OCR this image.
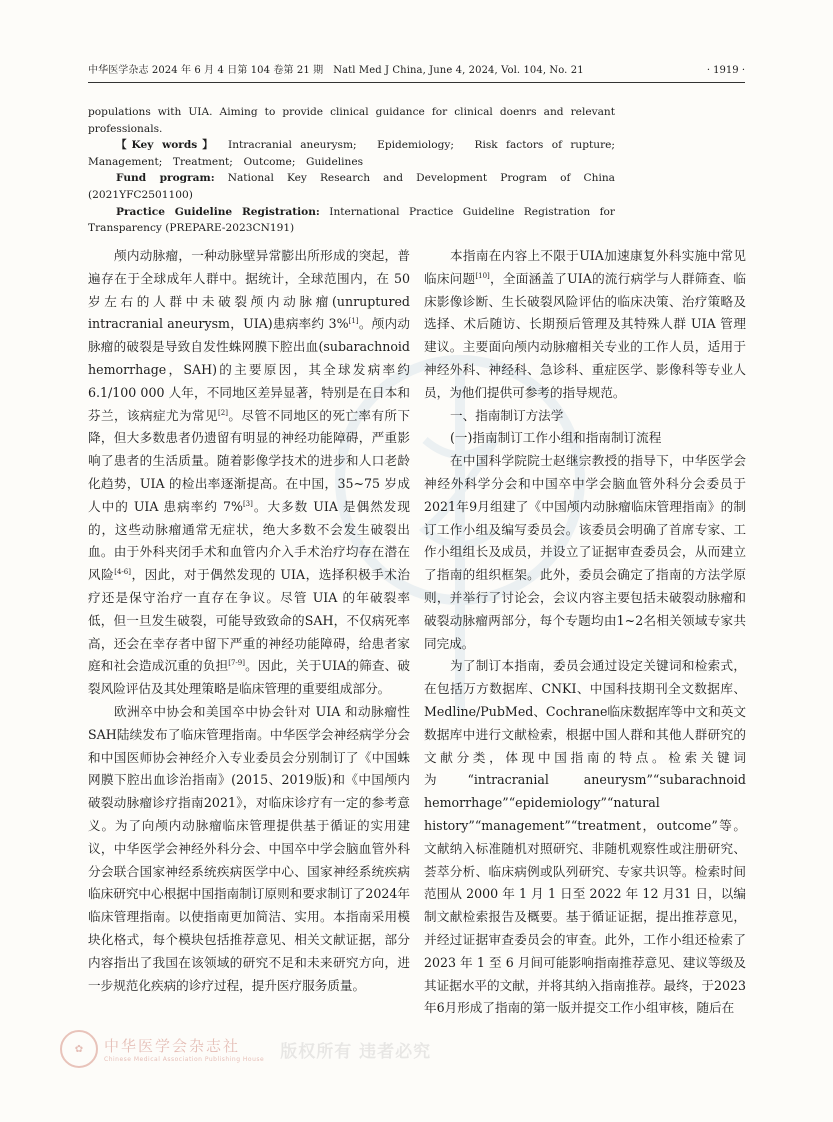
中华医学杂志 2024 年 6 月 4 日第 104 卷第 21 期　Natl Med J China, June 4, 2024, Vol. 104, No. 21	· 1919 ·

populations with UIA. Aiming to provide clinical guidance for clinical doenrs and relevant professionals.

【Key words】　Intracranial aneurysm;　Epidemiology;　Risk factors of rupture; Management;　Treatment;　Outcome;　Guidelines

Fund program: National Key Research and Development Program of China (2021YFC2501100)

Practice Guideline Registration: International Practice Guideline Registration for Transparency (PREPARE-2023CN191)

颅内动脉瘤，一种动脉壁异常膨出所形成的突起，普遍存在于全球成年人群中。据统计，全球范围内，在 50 岁左右的人群中未破裂颅内动脉瘤(unruptured intracranial aneurysm，UIA)患病率约 3%[1]。颅内动脉瘤的破裂是导致自发性蛛网膜下腔出血(subarachnoid hemorrhage，SAH)的主要原因，其全球发病率约 6.1/100 000 人年，不同地区差异显著，特别是在日本和芬兰，该病症尤为常见[2]。尽管不同地区的死亡率有所下降，但大多数患者仍遗留有明显的神经功能障碍，严重影响了患者的生活质量。随着影像学技术的进步和人口老龄化趋势，UIA 的检出率逐渐提高。在中国，35~75 岁成人中的 UIA 患病率约 7%[3]。大多数 UIA 是偶然发现的，这些动脉瘤通常无症状，绝大多数不会发生破裂出血。由于外科夹闭手术和血管内介入手术治疗均存在潜在风险[4-6]，因此，对于偶然发现的 UIA，选择积极手术治疗还是保守治疗一直存在争议。尽管 UIA 的年破裂率低，但一旦发生破裂，可能导致致命的SAH，不仅病死率高，还会在幸存者中留下严重的神经功能障碍，给患者家庭和社会造成沉重的负担[7-9]。因此，关于UIA的筛查、破裂风险评估及其处理策略是临床管理的重要组成部分。

欧洲卒中协会和美国卒中协会针对 UIA 和动脉瘤性SAH陆续发布了临床管理指南。中华医学会神经病学分会和中国医师协会神经介入专业委员会分别制订了《中国蛛网膜下腔出血诊治指南》(2015、2019版)和《中国颅内破裂动脉瘤诊疗指南2021》，对临床诊疗有一定的参考意义。为了向颅内动脉瘤临床管理提供基于循证的实用建议，中华医学会神经外科分会、中国卒中学会脑血管外科分会联合国家神经系统疾病医学中心、国家神经系统疾病临床研究中心根据中国指南制订原则和要求制订了2024年临床管理指南。以使指南更加简洁、实用。本指南采用模块化格式，每个模块包括推荐意见、相关文献证据，部分内容指出了我国在该领域的研究不足和未来研究方向，进一步规范化疾病的诊疗过程，提升医疗服务质量。

本指南在内容上不限于UIA加速康复外科实施中常见临床问题[10]，全面涵盖了UIA的流行病学与人群筛查、临床影像诊断、生长破裂风险评估的临床决策、治疗策略及选择、术后随访、长期预后管理及其特殊人群 UIA 管理建议。主要面向颅内动脉瘤相关专业的工作人员，适用于神经外科、神经科、急诊科、重症医学、影像科等专业人员，为他们提供可参考的指导规范。

一、指南制订方法学

(一)指南制订工作小组和指南制订流程

在中国科学院院士赵继宗教授的指导下，中华医学会神经外科学分会和中国卒中学会脑血管外科分会委员于2021年9月组建了《中国颅内动脉瘤临床管理指南》的制订工作小组及编写委员会。该委员会明确了首席专家、工作小组组长及成员，并设立了证据审查委员会，从而建立了指南的组织框架。此外，委员会确定了指南的方法学原则，并举行了讨论会，会议内容主要包括未破裂动脉瘤和破裂动脉瘤两部分，每个专题均由1~2名相关领域专家共同完成。

为了制订本指南，委员会通过设定关键词和检索式，在包括万方数据库、CNKI、中国科技期刊全文数据库、Medline/PubMed、Cochrane临床数据库等中文和英文数据库中进行文献检索，根据中国人群和其他人群研究的文献分类，体现中国指南的特点。检索关键词为“intracranial aneurysm”“subarachnoid hemorrhage”“epidemiology”“natural history”“management”“treatment，outcome”等。文献纳入标准随机对照研究、非随机观察性或注册研究、荟萃分析、临床病例或队列研究、专家共识等。检索时间范围从 2000 年 1 月 1 日至 2022 年 12 月31 日，以编制文献检索报告及概要。基于循证证据，提出推荐意见，并经过证据审查委员会的审查。此外，工作小组还检索了 2023 年 1 至 6 月间可能影响指南推荐意见、建议等级及其证据水平的文献，并将其纳入指南推荐。最终，于2023年6月形成了指南的第一版并提交工作小组审核，随后在

✿	中华医学会杂志社
Chinese Medical Association Publishing House 版权所有 违者必究
